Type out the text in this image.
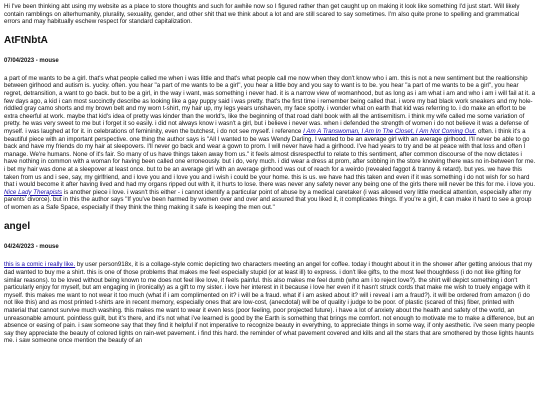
Hi I've been thinking abt using my website as a place to store thoughts and such for awhile now so I figured rather than get caught up on making it look like something I'd just start. Will likely contain ramblings on alterhumanity, plurality, sexuality, gender, and other shit that we think about a lot and are still scared to say sometimes. I'm also quite prone to spelling and grammatical errors and may habitually eschew respect for standard capitalization.

AtFtNbtA
07/04/2023 - mouse

a part of me wants to be a girl. that's what people called me when i was little and that's what people call me now when they don't know who i am. this is not a new sentiment but the realtionship between girlhood and autism is. yucky. often. you hear "a part of me wants to be a girl", you hear a little boy and you say to want is to be. you hear "a part of me wants to be a girl", you hear regret, detransition, a want to go back. but to be a girl, in the way i want, was something i never had. it is a narrow view of womanhood, but as long as i am what i am and who i am i will fail at it. a few days ago, a kid i can most succinctly describe as looking like a gay puppy said i was pretty. that's the first time i remember being called that. i wore my bad black work sneakers and my hole-riddled gray camo shorts and my brown belt and my worn t-shirt, my hair up, my legs years unshaven, my face spotty. i wonder what on earth that kid was referring to. i do make an effort to be extra cheerful at work. maybe that kid's idea of pretty was kinder than the world's, like the beginning of that road dahl book with all the antisemitism. i think my wife called me some variation of pretty. he was very sweet to me but i forget it so easily. i did not always know i wasn't a girl, but i believe i never was. when i defended the strength of women i do not believe it was a defense of myself. i was laughed at for it. in celebrations of femininity, even the butchest, i do not see myself. i reference I Am A Transwoman, I Am In The Closet, I Am Not Coming Out. often. i think it's a beautiful piece with an important perspective. one thing the author says is "All I wanted to be was Wendy Darling. I wanted to be an average girl with an average girlhood. I'll never be able to go back and have my friends do my hair at sleepovers. I'll never go back and wear a gown to prom. I will never have had a girlhood. I've had years to try and be at peace with that loss and often I manage. We're humans. None of it's fair. So many of us have things taken away from us." it feels almost disrespectful to relate to this sentiment, after common discourse of the now dictates i have nothing in common with a woman for having been called one erroneously. but i do, very much. i did wear a dress at prom, after sobbing in the store knowing there was no in-between for me. i bet my hair was done at a sleepover at least once. but to be an average girl with an average girlhood was out of reach for a weirdo (revealed faggot & tranny & retard). but yes. we have this taken from us and i see, say, my girlfriend, and i love you and i love you and i wish i could be your home. this is us. we have had this taken and even if it was something i do not wish for so hard that i would become it after having lived and had my organs ripped out with it, it hurts to lose. there was never any safety never any being one of the girls there will never be this for me. i love you. Nice Lady Therapists is another piece i love. i wasn't this either - i cannot identify a particular point of abuse by a medical caretaker (i was allowed very little medical attention, especially after my parents' divorce). but in this the author says "If you've been harmed by women over and over and assured that you liked it, it complicates things. If you're a girl, it can make it hard to see a group of women as a Safe Space, especially if they think the thing making it safe is keeping the men out."

angel
04/24/2023 - mouse

this is a comic i really like. by user person918x, it is a collage-style comic depicting two characters meeting an angel for coffee. today i thought about it in the shower after getting anxious that my dad wanted to buy me a shirt. this is one of those problems that makes me feel especially stupid (or at least ill) to express. i don't like gifts, to the most feel thoughtless (i do not like gifting for similar reasons). to be loved without being known to me does not feel like love, it feels painful. this also makes me feel dumb (who am i to reject love?). the shirt will depict something i don't particularly enjoy for myself, but am engaging in (ironically) as a gift to my sister. i love her interest in it because i love her even if it hasn't struck cords that make me wish to truely engage with it myself. this makes me want to not wear it too much (what if i am complimented on it? i will be a fraud. what if i am asked about it? will i reveal i am a fraud?). it will be ordered from amazon (i do not like this) and as most printed t-shirts are in recent memory, especially ones that are low-cost, (anecdotal) will be of quality i judge to be poor. of plastic (scared of this) fiber, printed with material that cannot survive much washing. this makes me want to wear it even less (poor feeling, poor projected future). i have a lot of anxiety about the health and safety of the world, an unreasonable amount. pointless guilt, but it's there, and it's not what i've learned is good by the Earth is something that brings me comfort. not enough to motivate me to make a difference, but an absence or easing of pain. i saw someone say that they find it helpful if not imperative to recognize beauty in everything, to appreciate things in some way, if only aesthetic. i've seen many people say they appreciate the beauty of colored lights on rain-wet pavement. i find this hard. the reminder of what pavement covered and kills and all the stars that are smothered by those lights haunts me. i saw someone once mention the beauty of an
